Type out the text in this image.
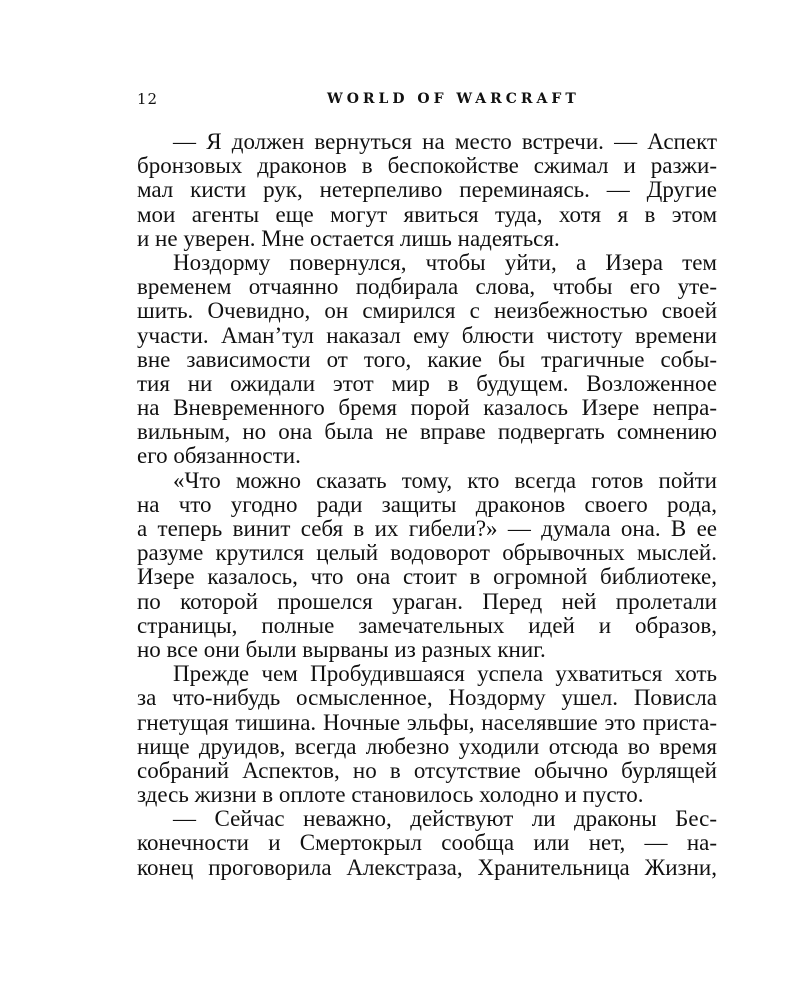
12	WORLD OF WARCRAFT
— Я должен вернуться на место встречи. — Аспект
бронзовых драконов в беспокойстве сжимал и разжи-
мал кисти рук, нетерпеливо переминаясь. — Другие
мои агенты еще могут явиться туда, хотя я в этом
и не уверен. Мне остается лишь надеяться.
Ноздорму повернулся, чтобы уйти, а Изера тем
временем отчаянно подбирала слова, чтобы его уте-
шить. Очевидно, он смирился с неизбежностью своей
участи. Аман’тул наказал ему блюсти чистоту времени
вне зависимости от того, какие бы трагичные собы-
тия ни ожидали этот мир в будущем. Возложенное
на Вневременного бремя порой казалось Изере непра-
вильным, но она была не вправе подвергать сомнению
его обязанности.
«Что можно сказать тому, кто всегда готов пойти
на что угодно ради защиты драконов своего рода,
а теперь винит себя в их гибели?» — думала она. В ее
разуме крутился целый водоворот обрывочных мыслей.
Изере казалось, что она стоит в огромной библиотеке,
по которой прошелся ураган. Перед ней пролетали
страницы, полные замечательных идей и образов,
но все они были вырваны из разных книг.
Прежде чем Пробудившаяся успела ухватиться хоть
за что-нибудь осмысленное, Ноздорму ушел. Повисла
гнетущая тишина. Ночные эльфы, населявшие это приста-
нище друидов, всегда любезно уходили отсюда во время
собраний Аспектов, но в отсутствие обычно бурлящей
здесь жизни в оплоте становилось холодно и пусто.
— Сейчас неважно, действуют ли драконы Бес-
конечности и Смертокрыл сообща или нет, — на-
конец проговорила Алекстраза, Хранительница Жизни,
